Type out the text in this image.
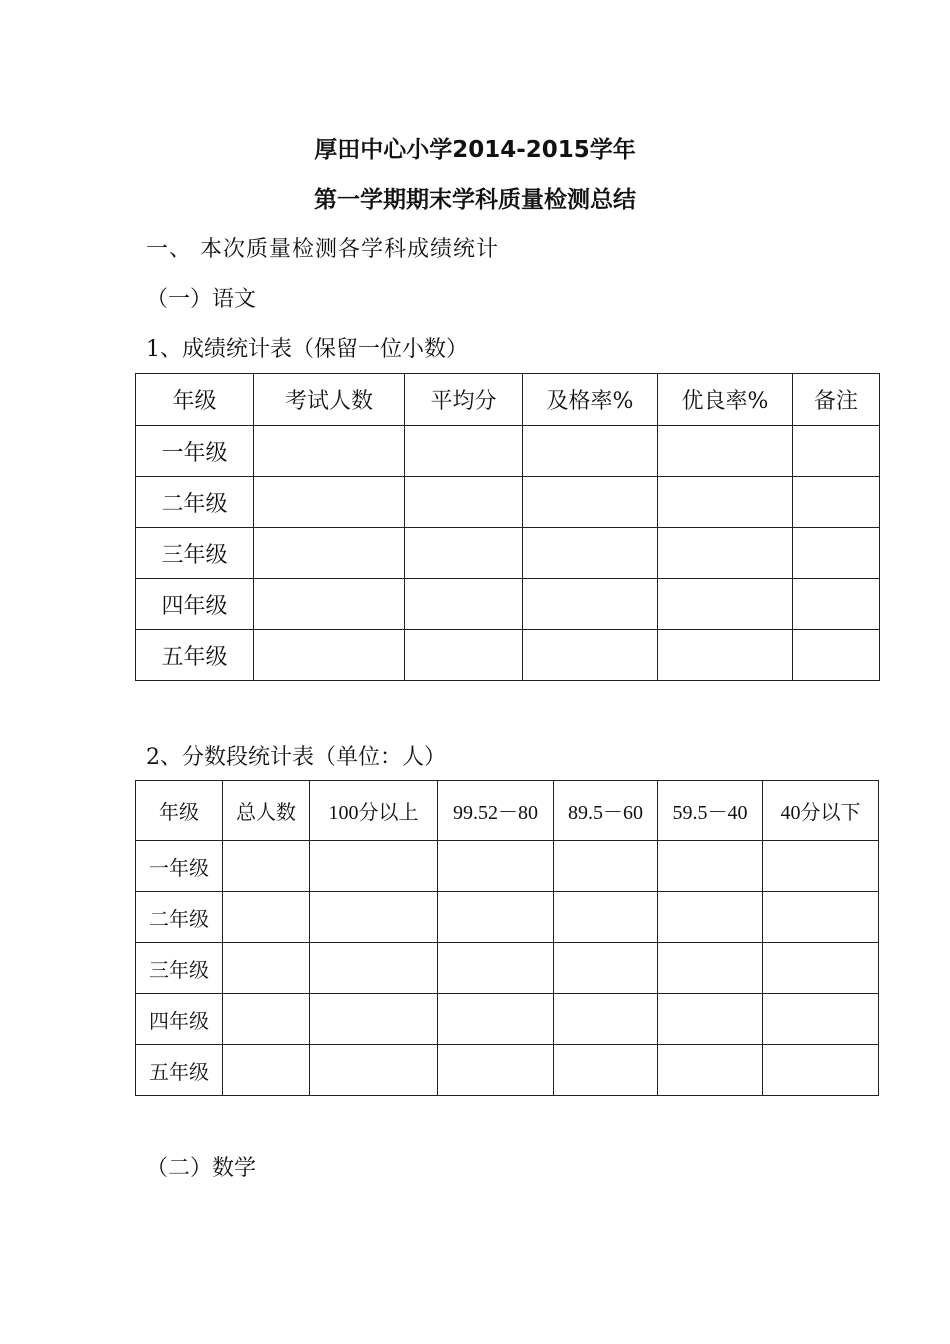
厚田中心小学2014-2015学年
第一学期期末学科质量检测总结
一、 本次质量检测各学科成绩统计
（一）语文
1、成绩统计表（保留一位小数）
年级	考试人数	平均分	及格率%	优良率%	备注
一年级					
二年级					
三年级					
四年级					
五年级					
2、分数段统计表（单位：人）
年级	总人数	100分以上	99.52－80	89.5－60	59.5－40	40分以下
一年级						
二年级						
三年级						
四年级						
五年级						
（二）数学
